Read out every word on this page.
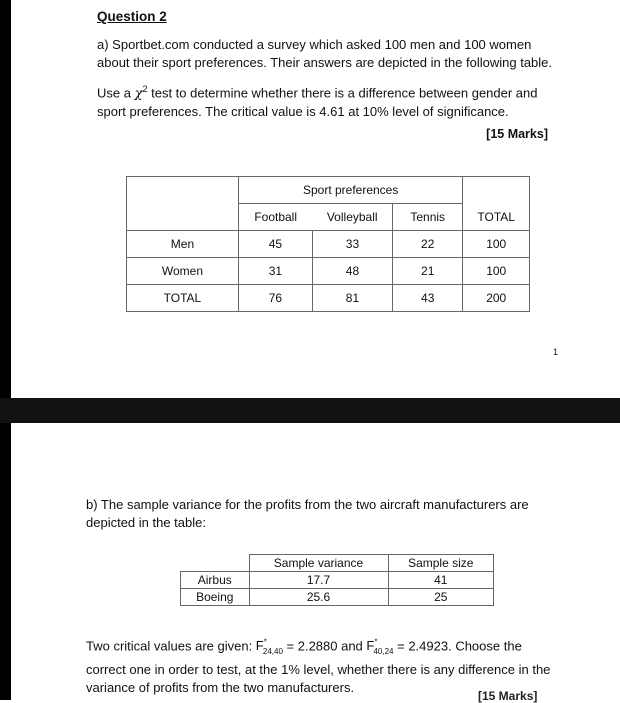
Question 2
a) Sportbet.com conducted a survey which asked 100 men and 100 women about their sport preferences. Their answers are depicted in the following table.
Use a $\chi^2$ test to determine whether there is a difference between gender and sport preferences. The critical value is 4.61 at 10% level of significance.
[15 Marks]
	Sport preferences			
	Football	Volleyball	Tennis	TOTAL
Men	45	33	22	100
Women	31	48	21	100
TOTAL	76	81	43	200
1
b) The sample variance for the profits from the two aircraft manufacturers are depicted in the table:
	Sample variance	Sample size
Airbus	17.7	41
Boeing	25.6	25
Two critical values are given: $F^*_{24,40} = 2.2880$ and $F^*_{40,24} = 2.4923$. Choose the correct one in order to test, at the 1% level, whether there is any difference in the variance of profits from the two manufacturers.
[15 Marks]
